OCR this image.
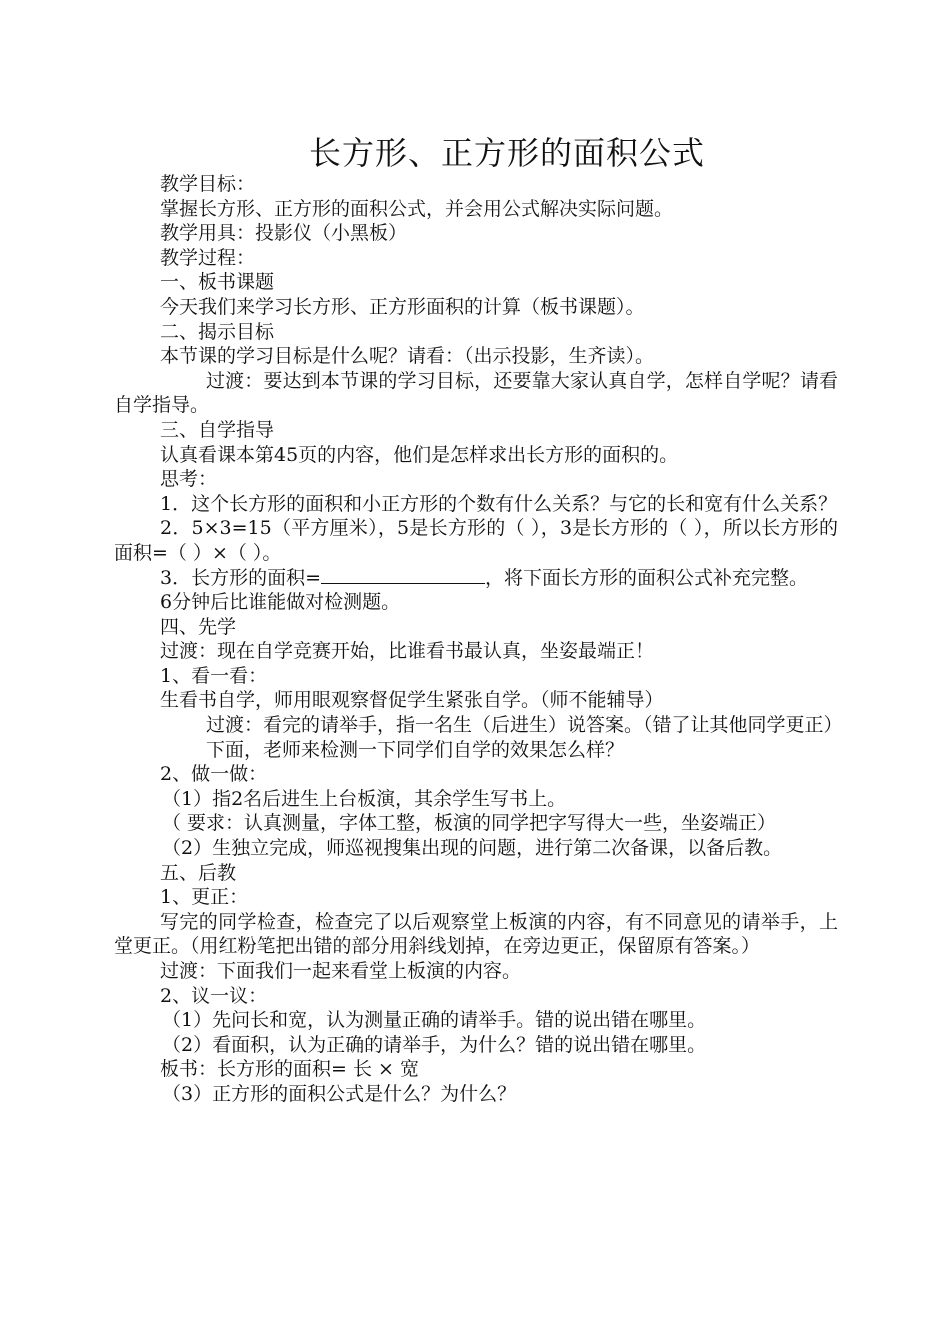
长方形、正方形的面积公式

教学目标：

掌握长方形、正方形的面积公式，并会用公式解决实际问题。

教学用具：投影仪（小黑板）

教学过程：

一、板书课题

今天我们来学习长方形、正方形面积的计算（板书课题）。

二、揭示目标

本节课的学习目标是什么呢？请看：（出示投影，生齐读）。

过渡：要达到本节课的学习目标，还要靠大家认真自学，怎样自学呢？请看自学指导。

三、自学指导

认真看课本第45页的内容，他们是怎样求出长方形的面积的。

思考：

1．这个长方形的面积和小正方形的个数有什么关系？与它的长和宽有什么关系？

2．5×3=15（平方厘米），5是长方形的（ ），3是长方形的（ ），所以长方形的面积=（ ）×（ ）。

3．长方形的面积=	，将下面长方形的面积公式补充完整。

6分钟后比谁能做对检测题。

四、先学

过渡：现在自学竞赛开始，比谁看书最认真，坐姿最端正！

1、看一看：

生看书自学，师用眼观察督促学生紧张自学。（师不能辅导）

过渡：看完的请举手，指一名生（后进生）说答案。（错了让其他同学更正）

下面，老师来检测一下同学们自学的效果怎么样？

2、做一做：

（1）指2名后进生上台板演，其余学生写书上。

（ 要求：认真测量，字体工整，板演的同学把字写得大一些，坐姿端正）

（2）生独立完成，师巡视搜集出现的问题，进行第二次备课，以备后教。

五、后教

1、更正：

写完的同学检查，检查完了以后观察堂上板演的内容，有不同意见的请举手，上堂更正。（用红粉笔把出错的部分用斜线划掉，在旁边更正，保留原有答案。）

过渡：下面我们一起来看堂上板演的内容。

2、议一议：

（1）先问长和宽，认为测量正确的请举手。错的说出错在哪里。

（2）看面积，认为正确的请举手，为什么？错的说出错在哪里。

板书：长方形的面积= 长 × 宽

（3）正方形的面积公式是什么？为什么？
